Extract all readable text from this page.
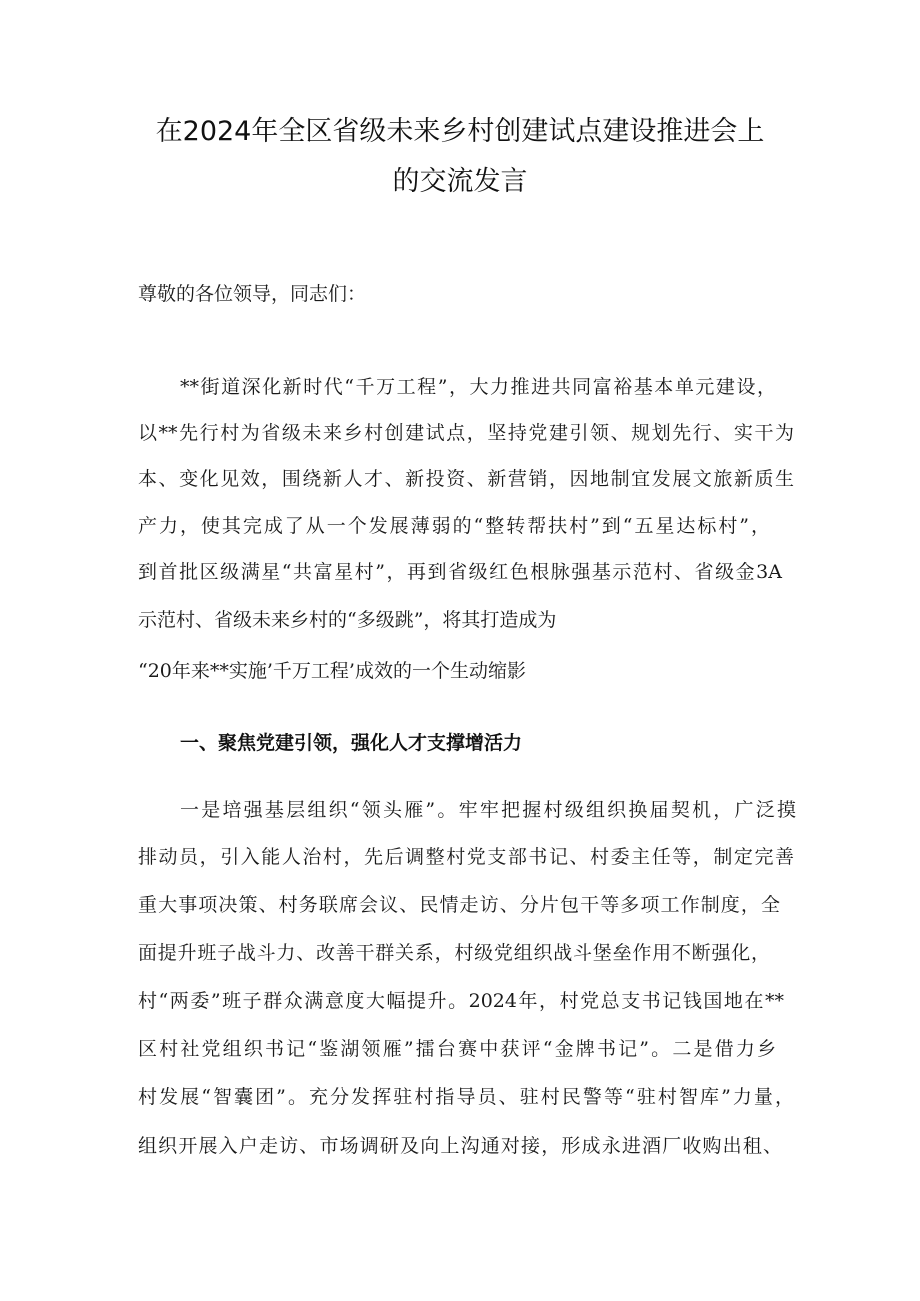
在2024年全区省级未来乡村创建试点建设推进会上
的交流发言
尊敬的各位领导，同志们：
**街道深化新时代“千万工程”，大力推进共同富裕基本单元建设，
以**先行村为省级未来乡村创建试点，坚持党建引领、规划先行、实干为
本、变化见效，围绕新人才、新投资、新营销，因地制宜发展文旅新质生
产力，使其完成了从一个发展薄弱的“整转帮扶村”到“五星达标村”，
到首批区级满星“共富星村”，再到省级红色根脉强基示范村、省级金3A
示范村、省级未来乡村的“多级跳”，将其打造成为
“20年来**实施’千万工程’成效的一个生动缩影
一、聚焦党建引领，强化人才支撑增活力
一是培强基层组织“领头雁”。牢牢把握村级组织换届契机，广泛摸
排动员，引入能人治村，先后调整村党支部书记、村委主任等，制定完善
重大事项决策、村务联席会议、民情走访、分片包干等多项工作制度，全
面提升班子战斗力、改善干群关系，村级党组织战斗堡垒作用不断强化，
村“两委”班子群众满意度大幅提升。2024年，村党总支书记钱国地在**
区村社党组织书记“鉴湖领雁”擂台赛中获评“金牌书记”。二是借力乡
村发展“智囊团”。充分发挥驻村指导员、驻村民警等“驻村智库”力量，
组织开展入户走访、市场调研及向上沟通对接，形成永进酒厂收购出租、
